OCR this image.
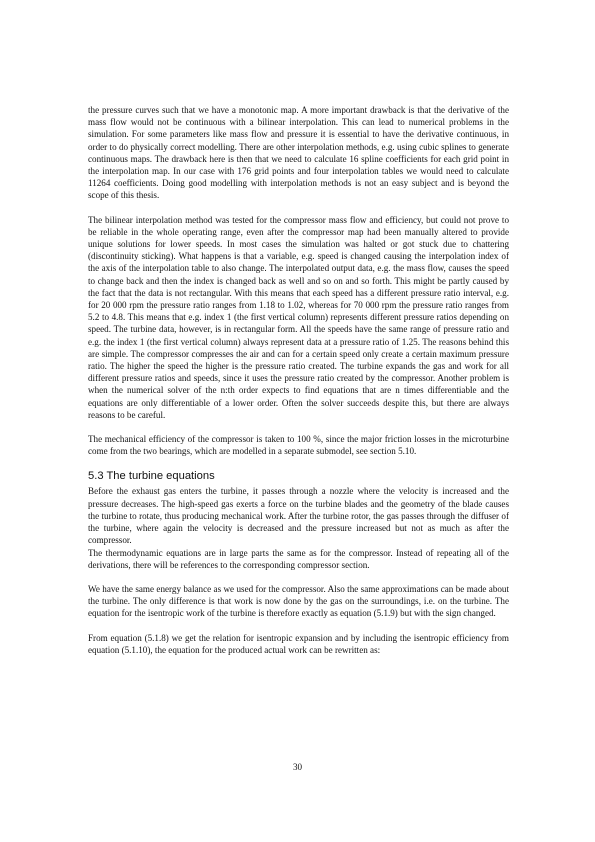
the pressure curves such that we have a monotonic map. A more important drawback is that the derivative of the mass flow would not be continuous with a bilinear interpolation. This can lead to numerical problems in the simulation. For some parameters like mass flow and pressure it is essential to have the derivative continuous, in order to do physically correct modelling. There are other interpolation methods, e.g. using cubic splines to generate continuous maps. The drawback here is then that we need to calculate 16 spline coefficients for each grid point in the interpolation map. In our case with 176 grid points and four interpolation tables we would need to calculate 11264 coefficients. Doing good modelling with interpolation methods is not an easy subject and is beyond the scope of this thesis.

The bilinear interpolation method was tested for the compressor mass flow and efficiency, but could not prove to be reliable in the whole operating range, even after the compressor map had been manually altered to provide unique solutions for lower speeds. In most cases the simulation was halted or got stuck due to chattering (discontinuity sticking). What happens is that a variable, e.g. speed is changed causing the interpolation index of the axis of the interpolation table to also change. The interpolated output data, e.g. the mass flow, causes the speed to change back and then the index is changed back as well and so on and so forth. This might be partly caused by the fact that the data is not rectangular. With this means that each speed has a different pressure ratio interval, e.g. for 20 000 rpm the pressure ratio ranges from 1.18 to 1.02, whereas for 70 000 rpm the pressure ratio ranges from 5.2 to 4.8. This means that e.g. index 1 (the first vertical column) represents different pressure ratios depending on speed. The turbine data, however, is in rectangular form. All the speeds have the same range of pressure ratio and e.g. the index 1 (the first vertical column) always represent data at a pressure ratio of 1.25. The reasons behind this are simple. The compressor compresses the air and can for a certain speed only create a certain maximum pressure ratio. The higher the speed the higher is the pressure ratio created. The turbine expands the gas and work for all different pressure ratios and speeds, since it uses the pressure ratio created by the compressor. Another problem is when the numerical solver of the n:th order expects to find equations that are n times differentiable and the equations are only differentiable of a lower order. Often the solver succeeds despite this, but there are always reasons to be careful.

The mechanical efficiency of the compressor is taken to 100 %, since the major friction losses in the microturbine come from the two bearings, which are modelled in a separate submodel, see section 5.10.

5.3 The turbine equations

Before the exhaust gas enters the turbine, it passes through a nozzle where the velocity is increased and the pressure decreases. The high-speed gas exerts a force on the turbine blades and the geometry of the blade causes the turbine to rotate, thus producing mechanical work. After the turbine rotor, the gas passes through the diffuser of the turbine, where again the velocity is decreased and the pressure increased but not as much as after the compressor.

The thermodynamic equations are in large parts the same as for the compressor. Instead of repeating all of the derivations, there will be references to the corresponding compressor section.

We have the same energy balance as we used for the compressor. Also the same approximations can be made about the turbine. The only difference is that work is now done by the gas on the surroundings, i.e. on the turbine. The equation for the isentropic work of the turbine is therefore exactly as equation (5.1.9) but with the sign changed.

From equation (5.1.8) we get the relation for isentropic expansion and by including the isentropic efficiency from equation (5.1.10), the equation for the produced actual work can be rewritten as:

30
